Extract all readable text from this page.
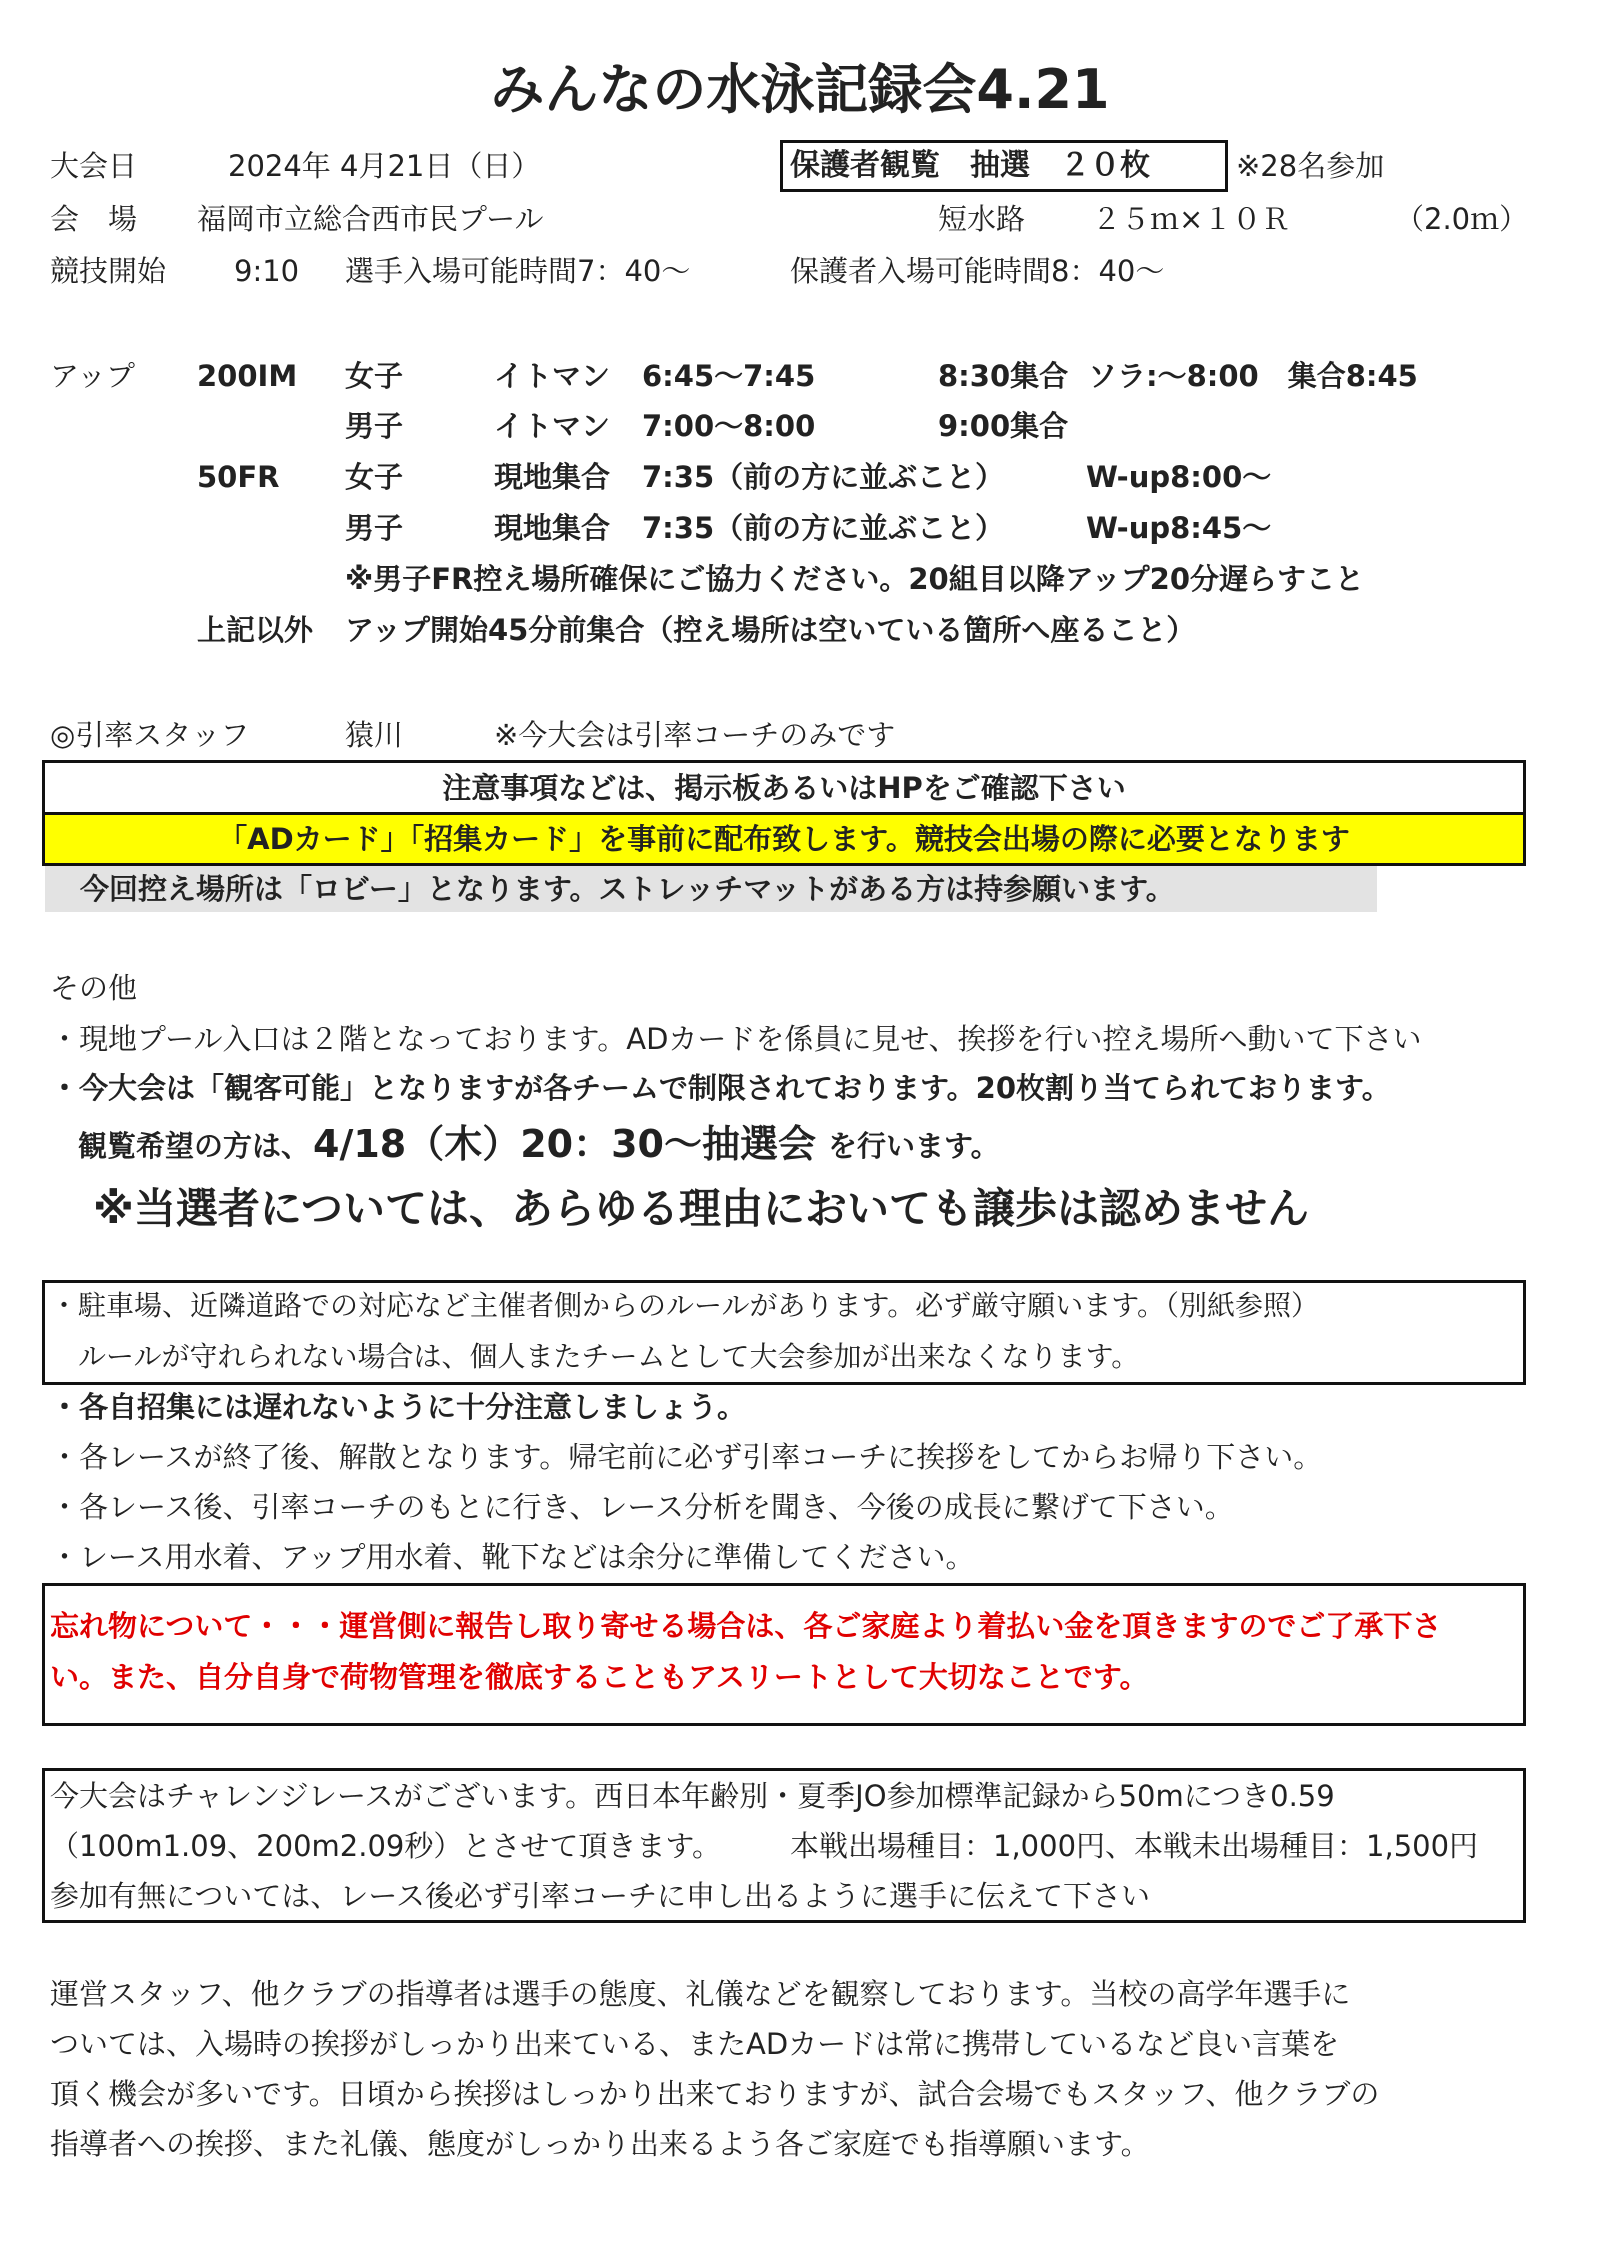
みんなの水泳記録会4.21
大会日	2024年 4月21日（日）	保護者観覧　抽選　２０枚	※28名参加
会　場 福岡市立総合西市民プール	短水路 ２５ｍ×１０Ｒ	（2.0ｍ）
競技開始 9:10 選手入場可能時間7：40～	保護者入場可能時間8：40～
アップ 200IM 女子	イトマン 6:45～7:45	8:30集合 ソラ:～8:00　集合8:45
男子	イトマン 7:00～8:00	9:00集合
50FR 女子	現地集合 7:35（前の方に並ぶこと）	W-up8:00～
男子	現地集合 7:35（前の方に並ぶこと）	W-up8:45～
※男子FR控え場所確保にご協力ください。20組目以降アップ20分遅らすこと
上記以外 アップ開始45分前集合（控え場所は空いている箇所へ座ること）
◎引率スタッフ	猿川	※今大会は引率コーチのみです
注意事項などは、掲示板あるいはHPをご確認下さい
「ADカード」「招集カード」を事前に配布致します。競技会出場の際に必要となります
今回控え場所は「ロビー」となります。ストレッチマットがある方は持参願います。
その他
・現地プール入口は２階となっております。ADカードを係員に見せ、挨拶を行い控え場所へ動いて下さい
・今大会は「観客可能」となりますが各チームで制限されております。20枚割り当てられております。
観覧希望の方は、 4/18（木）20：30～抽選会 を行います。
※当選者については、あらゆる理由においても譲歩は認めません
・駐車場、近隣道路での対応など主催者側からのルールがあります。必ず厳守願います。（別紙参照）
ルールが守れられない場合は、個人またチームとして大会参加が出来なくなります。
・各自招集には遅れないように十分注意しましょう。
・各レースが終了後、解散となります。帰宅前に必ず引率コーチに挨拶をしてからお帰り下さい。
・各レース後、引率コーチのもとに行き、レース分析を聞き、今後の成長に繋げて下さい。
・レース用水着、アップ用水着、靴下などは余分に準備してください。
忘れ物について・・・運営側に報告し取り寄せる場合は、各ご家庭より着払い金を頂きますのでご了承下さ
い。また、自分自身で荷物管理を徹底することもアスリートとして大切なことです。
今大会はチャレンジレースがございます。西日本年齢別・夏季JO参加標準記録から50mにつき0.59
（100m1.09、200m2.09秒）とさせて頂きます。 本戦出場種目：1,000円、本戦未出場種目：1,500円
参加有無については、レース後必ず引率コーチに申し出るように選手に伝えて下さい
運営スタッフ、他クラブの指導者は選手の態度、礼儀などを観察しております。当校の高学年選手に
ついては、入場時の挨拶がしっかり出来ている、またADカードは常に携帯しているなど良い言葉を
頂く機会が多いです。日頃から挨拶はしっかり出来ておりますが、試合会場でもスタッフ、他クラブの
指導者への挨拶、また礼儀、態度がしっかり出来るよう各ご家庭でも指導願います。
